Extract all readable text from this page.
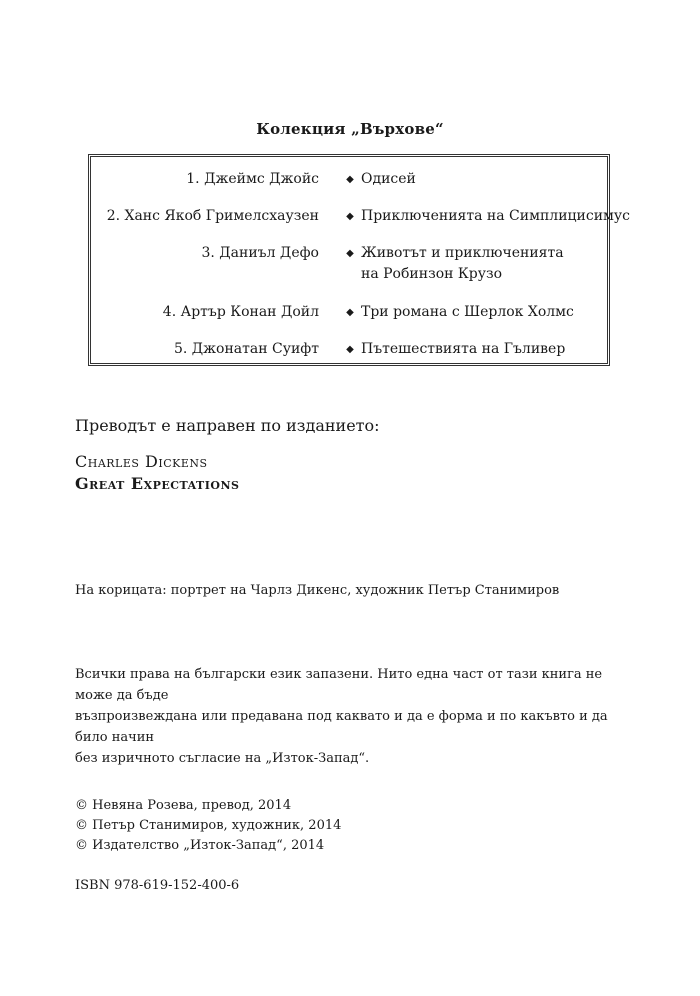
Колекция „Върхове“
1. Джеймс Джойс	◆ Одисей
2. Ханс Якоб Гримелсхаузен	◆ Приключенията на Симплицисимус
3. Даниъл Дефо	◆ Животът и приключенията
на Робинзон Крузо
4. Артър Конан Дойл	◆ Три романа с Шерлок Холмс
5. Джонатан Суифт	◆ Пътешествията на Гъливер
Преводът е направен по изданието:
Charles Dickens
Great Expectations
На корицата: портрет на Чарлз Дикенс, художник Петър Станимиров
Всички права на български език запазени. Нито една част от тази книга не може да бъде
възпроизвеждана или предавана под каквато и да е форма и по какъвто и да било начин
без изричното съгласие на „Изток-Запад“.
© Невяна Розева, превод, 2014
© Петър Станимиров, художник, 2014
© Издателство „Изток-Запад“, 2014
ISBN 978-619-152-400-6
